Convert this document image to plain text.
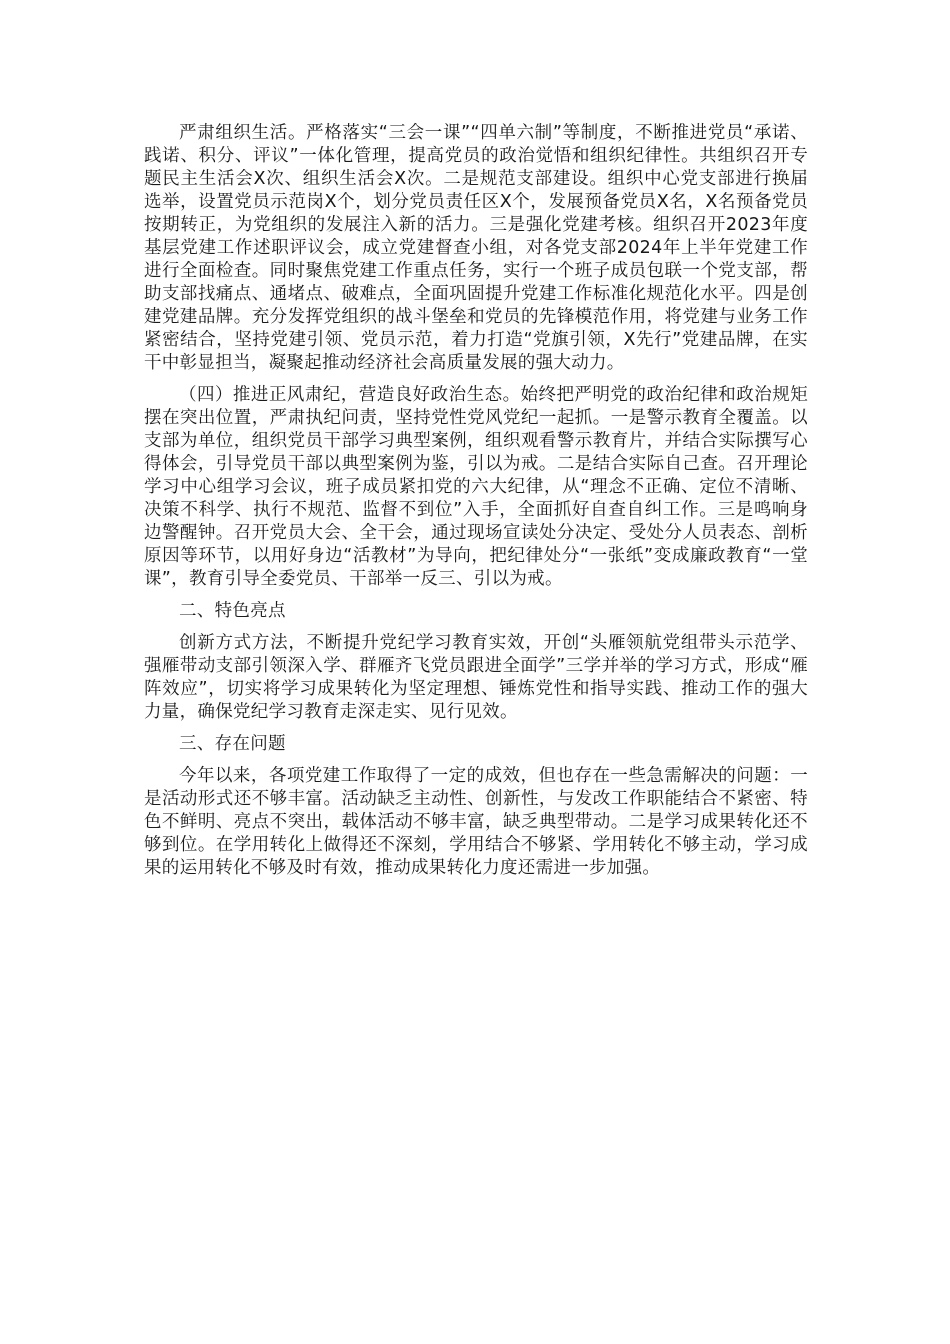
严肃组织生活。严格落实“三会一课”“四单六制”等制度，不断推进党员“承诺、践诺、积分、评议”一体化管理，提高党员的政治觉悟和组织纪律性。共组织召开专题民主生活会X次、组织生活会X次。二是规范支部建设。组织中心党支部进行换届选举，设置党员示范岗X个，划分党员责任区X个，发展预备党员X名，X名预备党员按期转正，为党组织的发展注入新的活力。三是强化党建考核。组织召开2023年度基层党建工作述职评议会，成立党建督查小组，对各党支部2024年上半年党建工作进行全面检查。同时聚焦党建工作重点任务，实行一个班子成员包联一个党支部，帮助支部找痛点、通堵点、破难点，全面巩固提升党建工作标准化规范化水平。四是创建党建品牌。充分发挥党组织的战斗堡垒和党员的先锋模范作用，将党建与业务工作紧密结合，坚持党建引领、党员示范，着力打造“党旗引领，X先行”党建品牌，在实干中彰显担当，凝聚起推动经济社会高质量发展的强大动力。

（四）推进正风肃纪，营造良好政治生态。始终把严明党的政治纪律和政治规矩摆在突出位置，严肃执纪问责，坚持党性党风党纪一起抓。一是警示教育全覆盖。以支部为单位，组织党员干部学习典型案例，组织观看警示教育片，并结合实际撰写心得体会，引导党员干部以典型案例为鉴，引以为戒。二是结合实际自己查。召开理论学习中心组学习会议，班子成员紧扣党的六大纪律，从“理念不正确、定位不清晰、决策不科学、执行不规范、监督不到位”入手，全面抓好自查自纠工作。三是鸣响身边警醒钟。召开党员大会、全干会，通过现场宣读处分决定、受处分人员表态、剖析原因等环节，以用好身边“活教材”为导向，把纪律处分“一张纸”变成廉政教育“一堂课”，教育引导全委党员、干部举一反三、引以为戒。

二、特色亮点

创新方式方法，不断提升党纪学习教育实效，开创“头雁领航党组带头示范学、强雁带动支部引领深入学、群雁齐飞党员跟进全面学”三学并举的学习方式，形成“雁阵效应”，切实将学习成果转化为坚定理想、锤炼党性和指导实践、推动工作的强大力量，确保党纪学习教育走深走实、见行见效。

三、存在问题

今年以来，各项党建工作取得了一定的成效，但也存在一些急需解决的问题：一是活动形式还不够丰富。活动缺乏主动性、创新性，与发改工作职能结合不紧密、特色不鲜明、亮点不突出，载体活动不够丰富，缺乏典型带动。二是学习成果转化还不够到位。在学用转化上做得还不深刻，学用结合不够紧、学用转化不够主动，学习成果的运用转化不够及时有效，推动成果转化力度还需进一步加强。
